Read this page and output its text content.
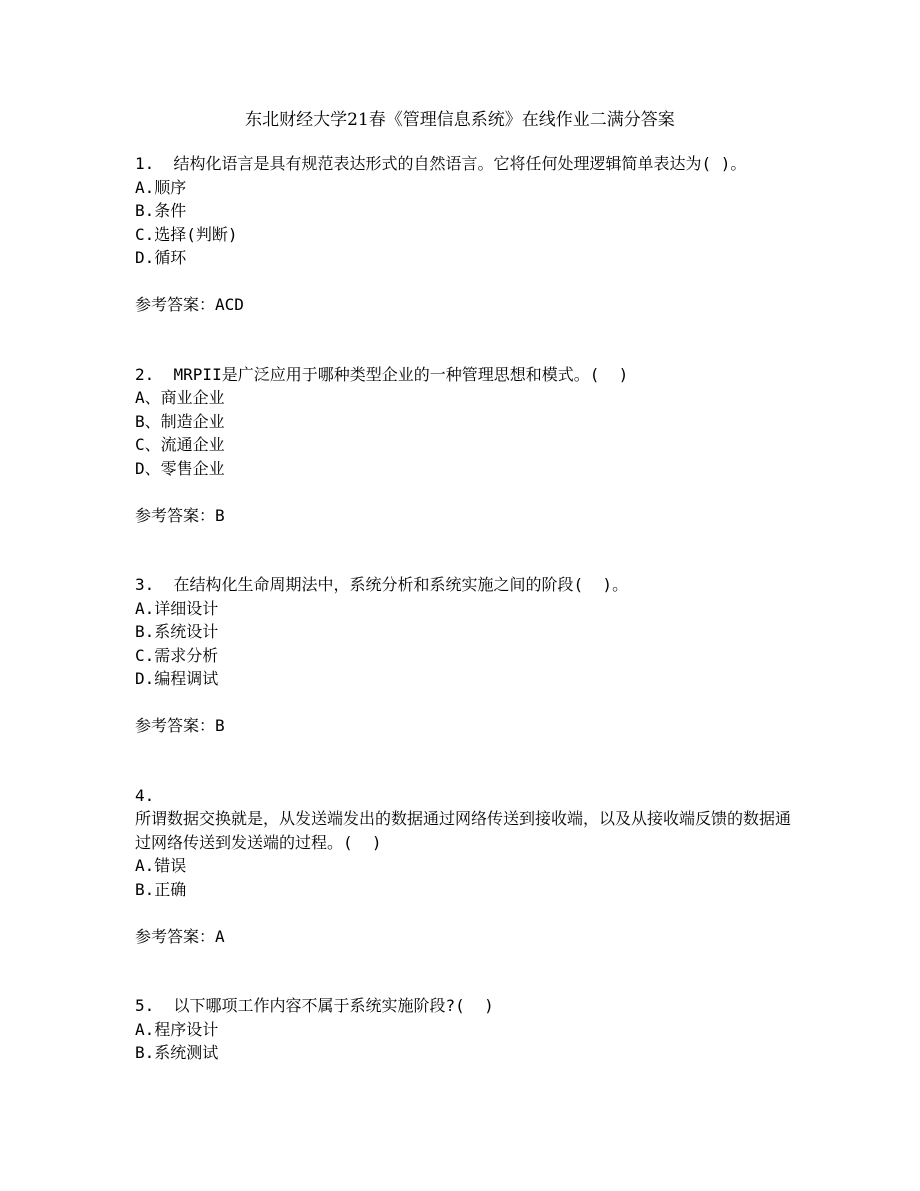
东北财经大学21春《管理信息系统》在线作业二满分答案
1.  结构化语言是具有规范表达形式的自然语言。它将任何处理逻辑简单表达为( )。
A.顺序
B.条件
C.选择(判断)
D.循环
参考答案：ACD
2.  MRPII是广泛应用于哪种类型企业的一种管理思想和模式。(  )
A、商业企业
B、制造企业
C、流通企业
D、零售企业
参考答案：B
3.  在结构化生命周期法中，系统分析和系统实施之间的阶段(  )。
A.详细设计
B.系统设计
C.需求分析
D.编程调试
参考答案：B
4.
所谓数据交换就是，从发送端发出的数据通过网络传送到接收端，以及从接收端反馈的数据通过网络传送到发送端的过程。(  )
A.错误
B.正确
参考答案：A
5.  以下哪项工作内容不属于系统实施阶段?(  )
A.程序设计
B.系统测试
